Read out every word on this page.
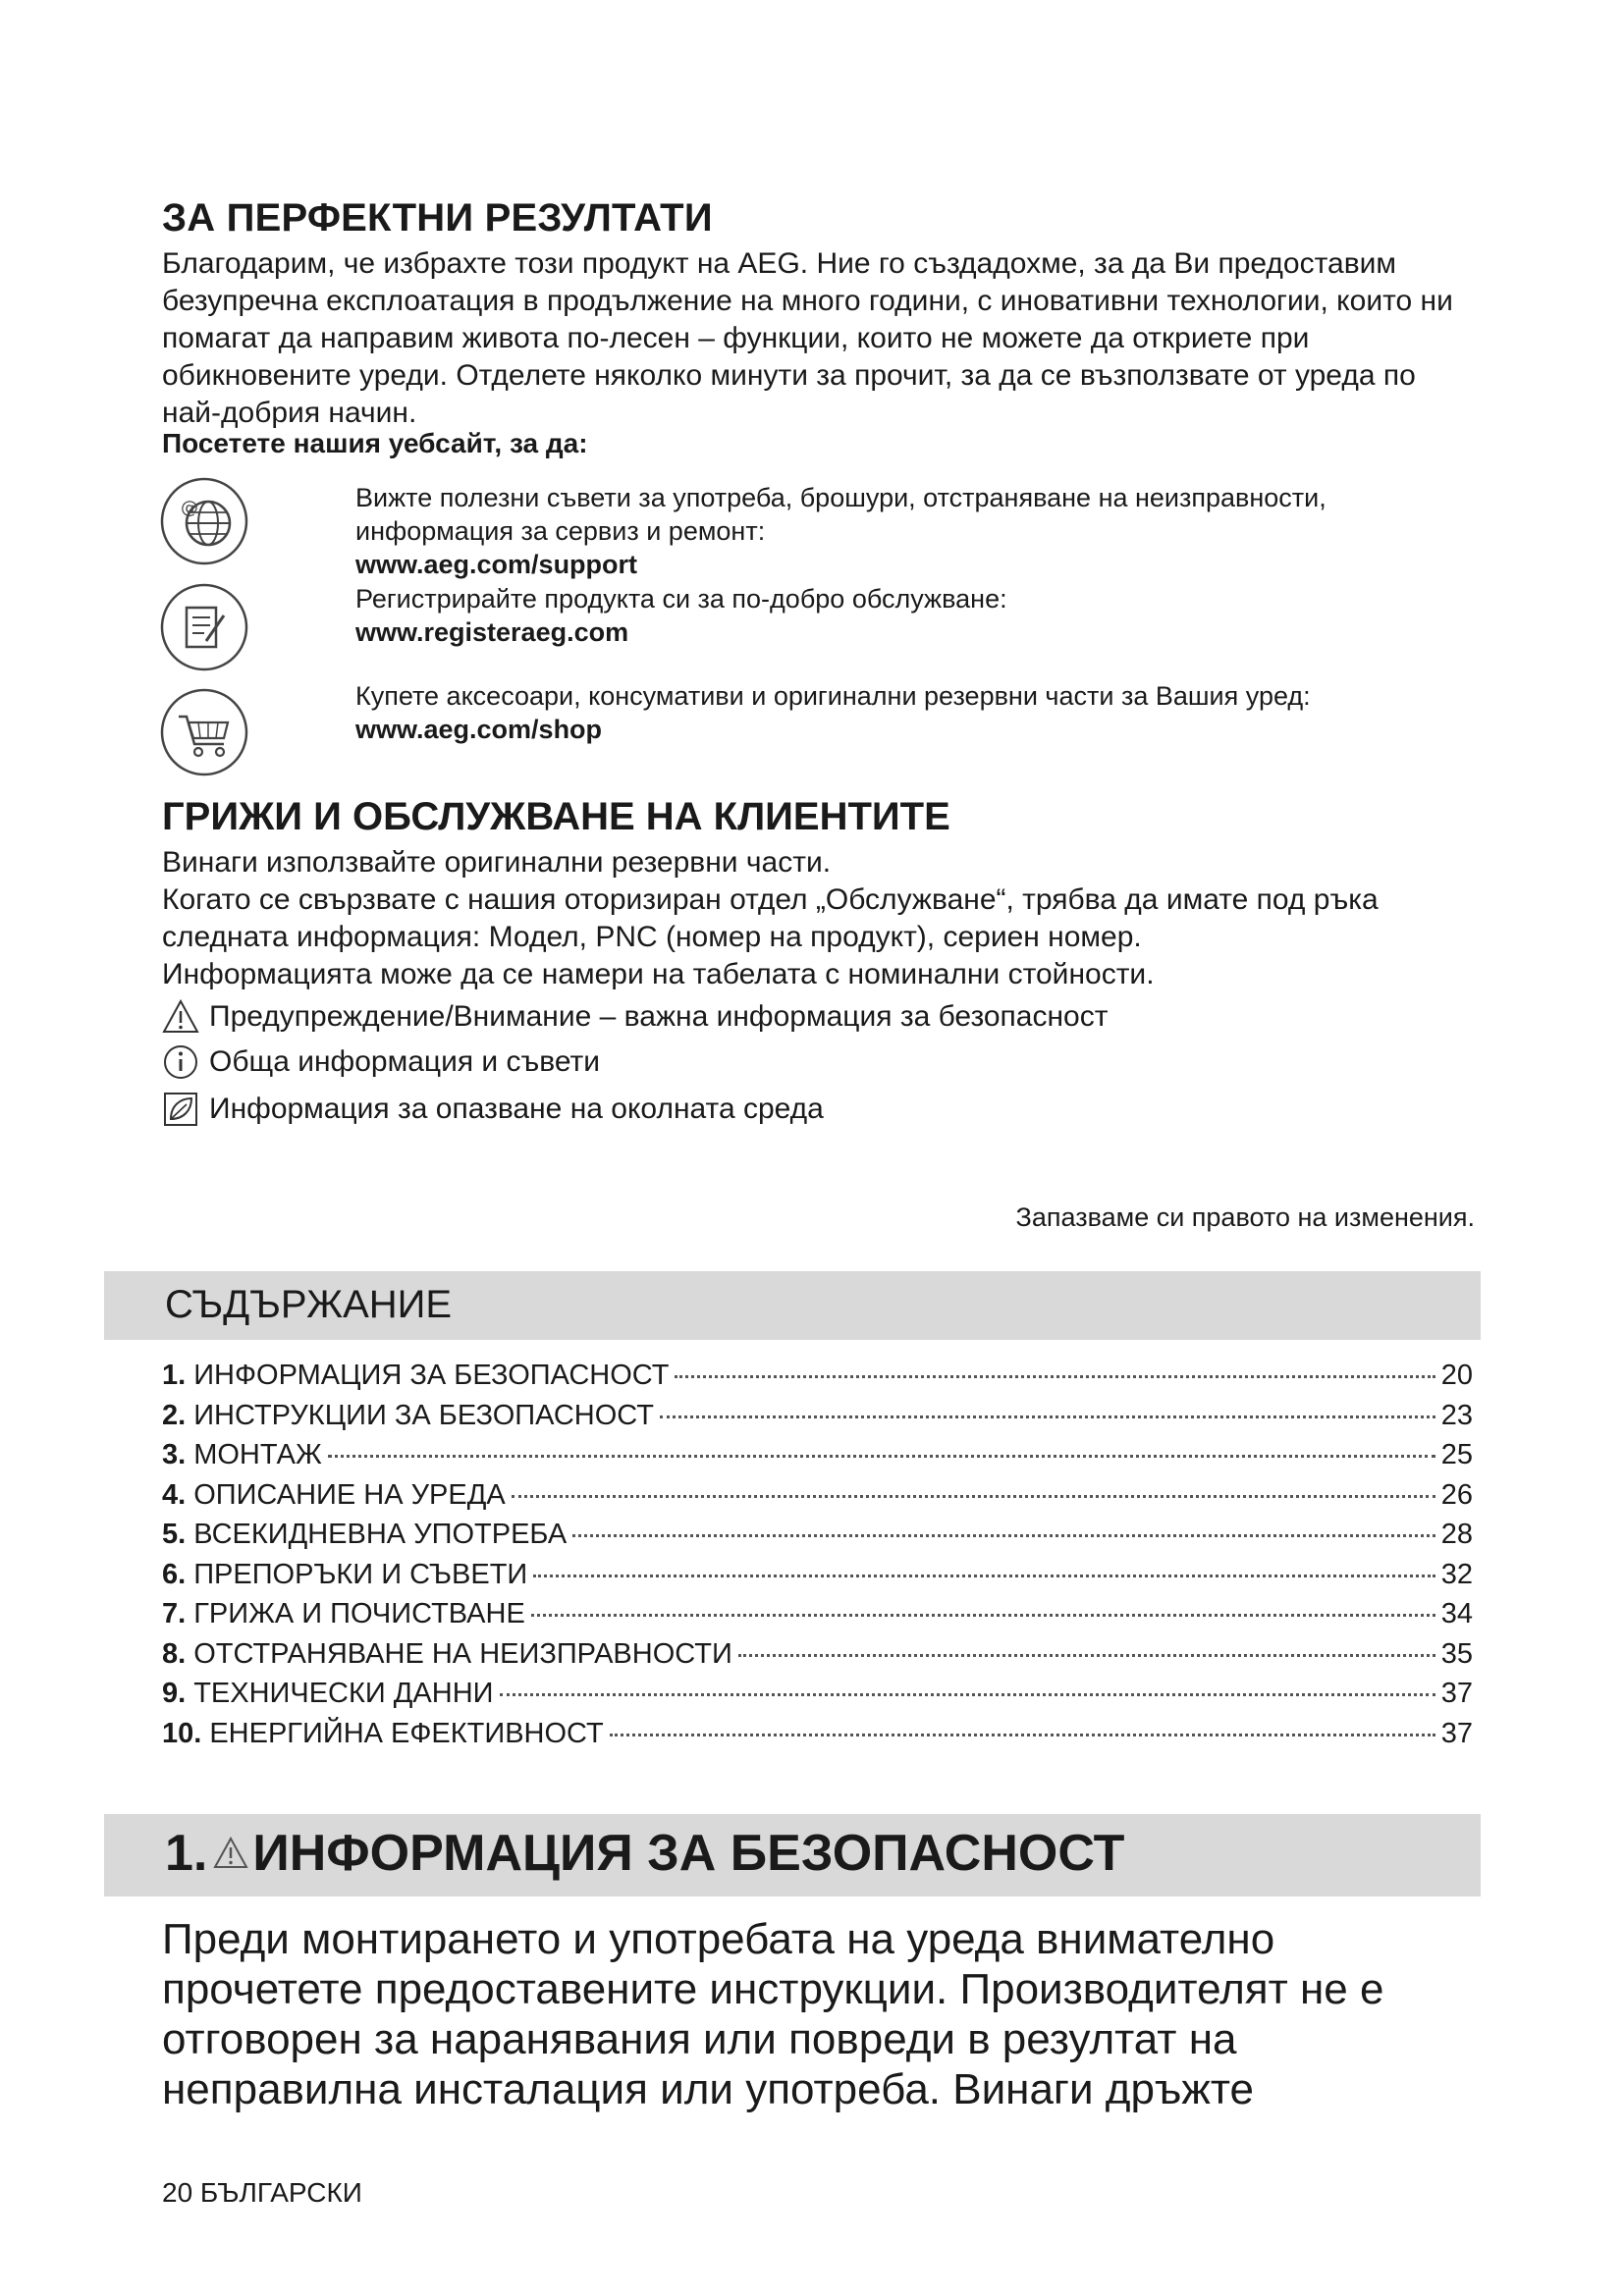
ЗА ПЕРФЕКТНИ РЕЗУЛТАТИ

Благодарим, че избрахте този продукт на AEG. Ние го създадохме, за да Ви предоставим безупречна експлоатация в продължение на много години, с иновативни технологии, които ни помагат да направим живота по-лесен – функции, които не можете да откриете при обикновените уреди. Отделете няколко минути за прочит, за да се възползвате от уреда по най-добрия начин.

Посетете нашия уебсайт, за да:

@	Вижте полезни съвети за употреба, брошури, отстраняване на неизправности, информация за сервиз и ремонт:
www.aeg.com/support

Регистрирайте продукта си за по-добро обслужване:
www.registeraeg.com

Купете аксесоари, консумативи и оригинални резервни части за Вашия уред:
www.aeg.com/shop

ГРИЖИ И ОБСЛУЖВАНЕ НА КЛИЕНТИТЕ

Винаги използвайте оригинални резервни части.
Когато се свързвате с нашия оторизиран отдел „Обслужване“, трябва да имате под ръка следната информация: Модел, PNC (номер на продукт), сериен номер.
Информацията може да се намери на табелата с номинални стойности.

Предупреждение/Внимание – важна информация за безопасност
Обща информация и съвети
Информация за опазване на околната среда

Запазваме си правото на изменения.

СЪДЪРЖАНИЕ
1. ИНФОРМАЦИЯ ЗА БЕЗОПАСНОСТ	20
2. ИНСТРУКЦИИ ЗА БЕЗОПАСНОСТ	23
3. МОНТАЖ	25
4. ОПИСАНИЕ НА УРЕДА	26
5. ВСЕКИДНЕВНА УПОТРЕБА	28
6. ПРЕПОРЪКИ И СЪВЕТИ	32
7. ГРИЖА И ПОЧИСТВАНЕ	34
8. ОТСТРАНЯВАНЕ НА НЕИЗПРАВНОСТИ	35
9. ТЕХНИЧЕСКИ ДАННИ	37
10. ЕНЕРГИЙНА ЕФЕКТИВНОСТ	37
1. ИНФОРМАЦИЯ ЗА БЕЗОПАСНОСТ

Преди монтирането и употребата на уреда внимателно прочетете предоставените инструкции. Производителят не е отговорен за наранявания или повреди в резултат на неправилна инсталация или употреба. Винаги дръжте

20 БЪЛГАРСКИ
